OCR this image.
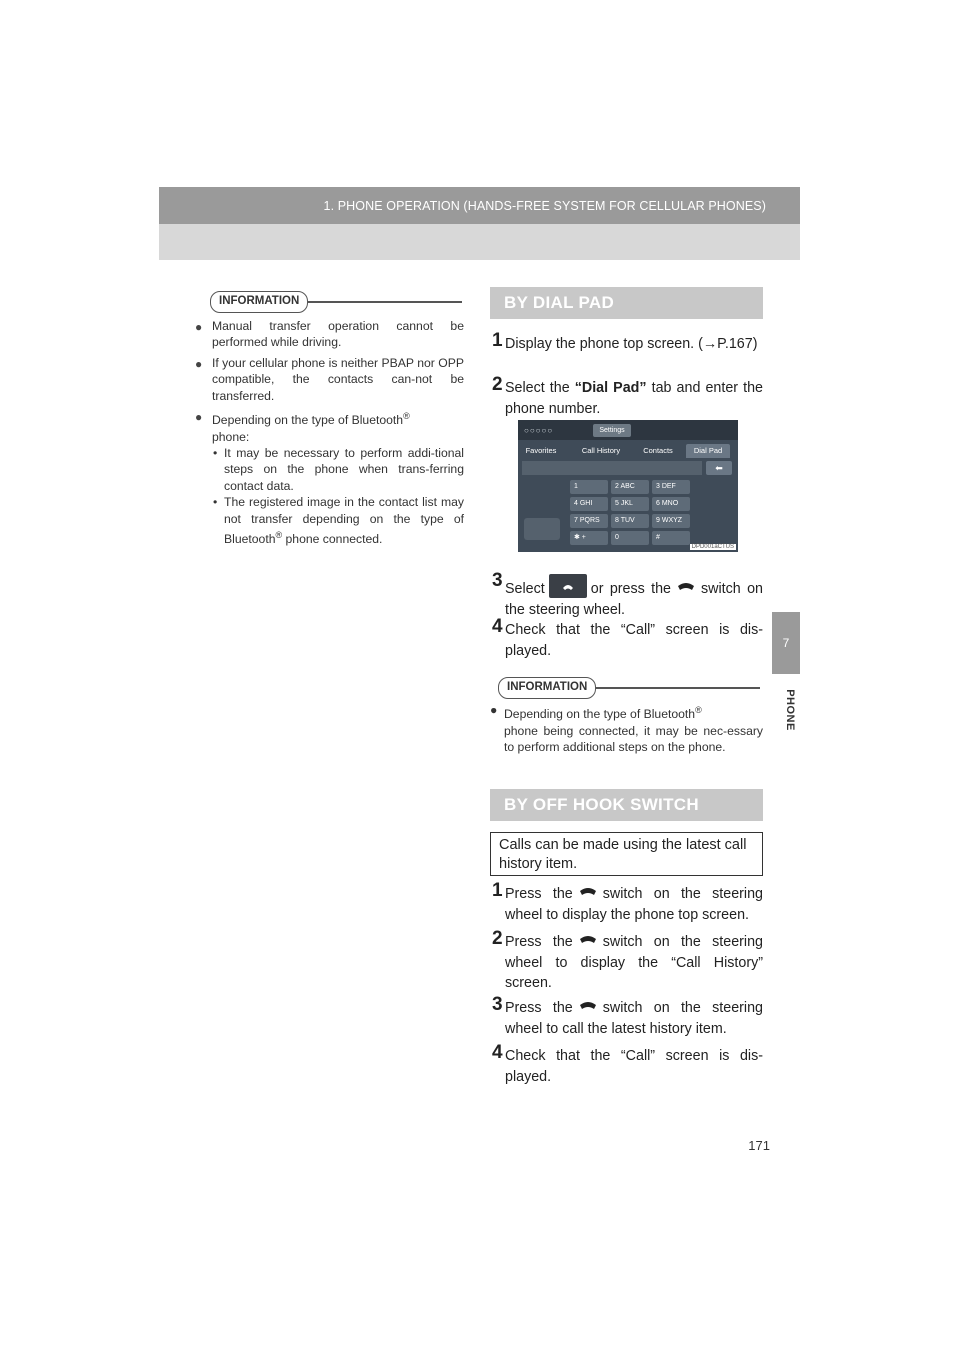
1. PHONE OPERATION (HANDS-FREE SYSTEM FOR CELLULAR PHONES)
7
PHONE
INFORMATION
● Manual transfer operation cannot be performed while driving.
● If your cellular phone is neither PBAP nor OPP compatible, the contacts can-not be transferred.
● Depending on the type of Bluetooth®
phone:
• It may be necessary to perform addi-tional steps on the phone when trans-ferring contact data.
• The registered image in the contact list may not transfer depending on the type of Bluetooth® phone connected.
BY DIAL PAD
1 Display the phone top screen. (→P.167)
2 Select the “Dial Pad” tab and enter the phone number.
○○○○○	Settings
Favorites	Call History	Contacts	Dial Pad
⬅
1	2 ABC	3 DEF
4 GHI	5 JKL	6 MNO
7 PQRS	8 TUV	9 WXYZ
✱ +	0	#
DPD001aCTUS
3 Select	or press the switch on the steering wheel.
4 Check that the “Call” screen is dis-played.
INFORMATION
● Depending on the type of Bluetooth®
phone being connected, it may be nec-essary to perform additional steps on the phone.
BY OFF HOOK SWITCH
Calls can be made using the latest call history item.
1 Press the switch on the steering wheel to display the phone top screen.
2 Press the switch on the steering wheel to display the “Call History” screen.
3 Press the switch on the steering wheel to call the latest history item.
4 Check that the “Call” screen is dis-played.
171
